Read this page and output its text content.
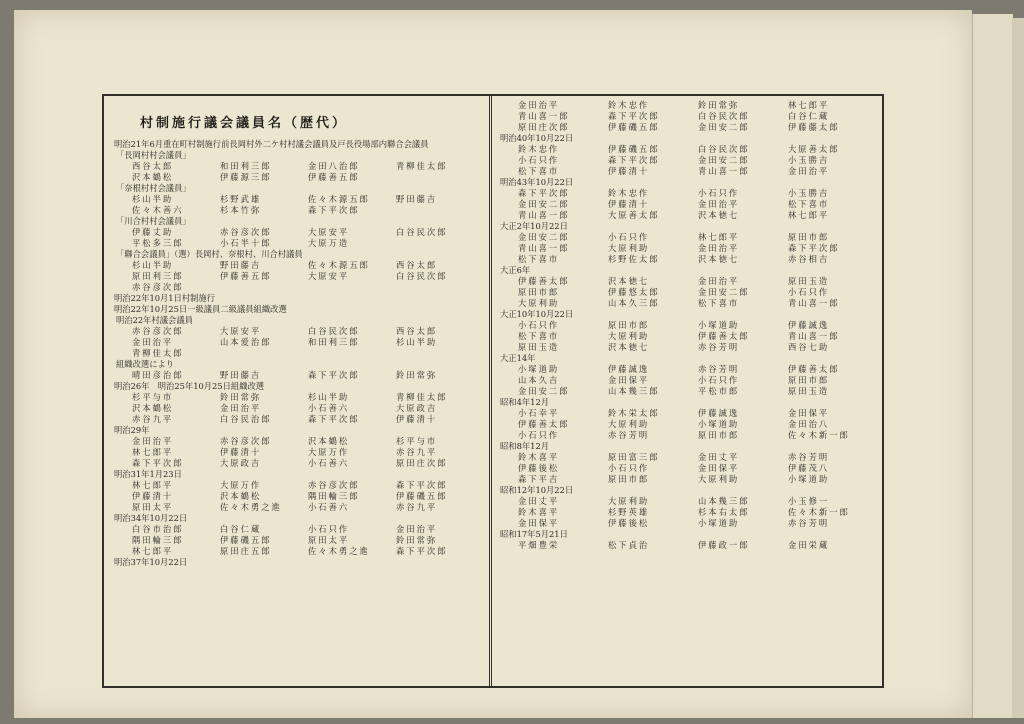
村制施行議会議員名（歴代）
明治21年6月重在町村制施行前長岡村外二ケ村村議会議員及戸長役場部内聯合会議員
「長岡村村会議員」
西谷太郎	和田利三郎	金田八治郎	青柳佳太郎
沢本鶴松	伊藤源三郎	伊藤善五郎
「奈根村村会議員」
杉山半助	杉野武雄	佐々木源五郎	野田藤吉
佐々木善六	杉本竹弥	森下平次郎
「川合村村会議員」
伊藤丈助	赤谷彦次郎	大原安平	白谷民次郎
平松多三郎	小石半十郎	大原万造
「聯合会議員」（選）長岡村、奈根村、川合村議員
杉山半助	野田藤吉	佐々木源五郎	西谷太郎
原田利三郎	伊藤善五郎	大原安平	白谷民次郎
赤谷彦次郎
明治22年10月1日村制施行
明治22年10月25日一級議員二級議員組織改選
明治22年村議会議員
赤谷彦次郎	大原安平	白谷民次郎	西谷太郎
金田治平	山本爱治郎	和田利三郎	杉山半助
青柳佳太郎
組織改選により
晴田彦治郎	野田藤吉	森下平次郎	鈴田常弥
明治26年　明治25年10月25日組織改選
杉平与市	鈴田常弥	杉山半助	青柳佳太郎
沢本鶴松	金田治平	小石善六	大原政吉
赤谷九平	白谷民治郎	森下平次郎	伊藤清十
明治29年
金田治平	赤谷彦次郎	沢本鶴松	杉平与市
林七郎平	伊藤清十	大原万作	赤谷九平
森下平次郎	大原政吉	小石善六	原田庄次郎
明治31年1月23日
林七郎平	大原万作	赤谷彦次郎	森下平次郎
伊藤清十	沢本鶴松	隅田輪三郎	伊藤磯五郎
原田太平	佐々木勇之進	小石善六	赤谷九平
明治34年10月22日
白谷市治郎	白谷仁蔵	小石只作	金田治平
隅田輪三郎	伊藤磯五郎	原田太平	鈴田常弥
林七郎平	原田庄五郎	佐々木勇之進	森下平次郎
明治37年10月22日
金田治平	鈴木忠作	鈴田常弥	林七郎平
青山喜一郎	森下平次郎	白谷民次郎	白谷仁蔵
原田庄次郎	伊藤磯五郎	金田安二郎	伊藤藤太郎
明治40年10月22日
鈴木忠作	伊藤磯五郎	白谷民次郎	大原善太郎
小石只作	森下平次郎	金田安二郎	小玉勝吉
松下喜市	伊藤清十	青山喜一郎	金田治平
明治43年10月22日
森下平次郎	鈴木忠作	小石只作	小玉勝吉
金田安二郎	伊藤清十	金田治平	松下喜市
青山喜一郎	大原善太郎	沢本徳七	林七郎平
大正2年10月22日
金田安二郎	小石只作	林七郎平	原田市郎
青山喜一郎	大原利助	金田治平	森下平次郎
松下喜市	杉野佐太郎	沢本徳七	赤谷相吉
大正6年
伊藤善太郎	沢本徳七	金田治平	原田玉造
原田市郎	伊藤悠太郎	金田安二郎	小石只作
大原利助	山本久三郎	松下喜市	青山喜一郎
大正10年10月22日
小石只作	原田市郎	小塚道助	伊藤誠逸
松下喜市	大原利助	伊藤善太郎	青山喜一郎
原田玉造	沢本徳七	赤谷芳明	西谷七助
大正14年
小塚道助	伊藤誠逸	赤谷芳明	伊藤善太郎
山本久吉	金田保平	小石只作	原田市郎
金田安二郎	山本幾三郎	平松市郎	原田玉造
昭和4年12月
小石幸平	鈴木栄太郎	伊藤誠逸	金田保平
伊藤善太郎	大原利助	小塚道助	金田治八
小石只作	赤谷芳明	原田市郎	佐々木新一郎
昭和8年12月
鈴木喜平	原田富三郎	金田丈平	赤谷芳明
伊藤後松	小石只作	金田保平	伊藤茂八
森下平吉	原田市郎	大原利助	小塚道助
昭和12年10月22日
金田丈平	大原利助	山本幾三郎	小玉修一
鈴木喜平	杉野英雄	杉本右太郎	佐々木新一郎
金田保平	伊藤後松	小塚道助	赤谷芳明
昭和17年5月21日
平畑豊栄	松下貞治	伊藤政一郎	金田栄蔵
